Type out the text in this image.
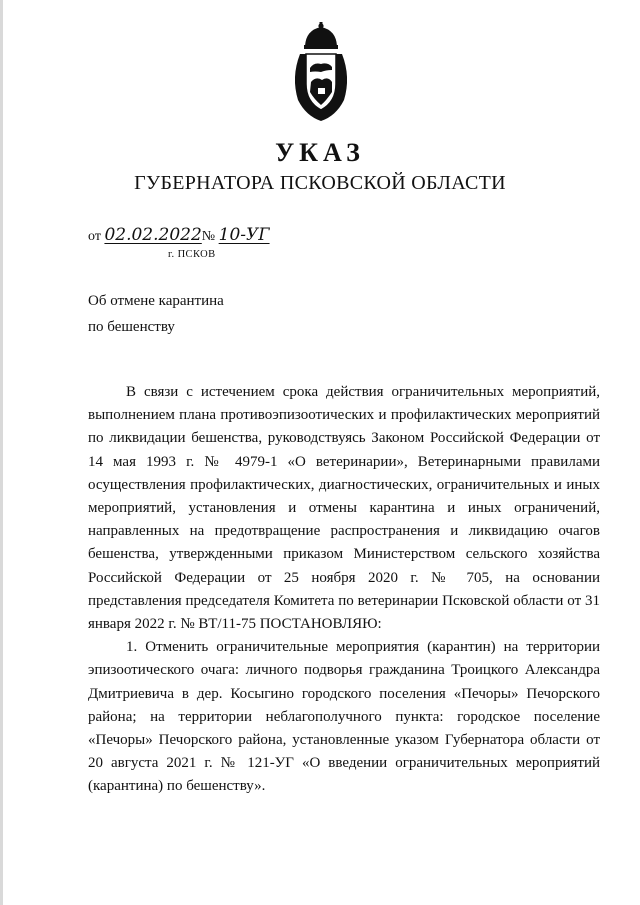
УКАЗ
ГУБЕРНАТОРА ПСКОВСКОЙ ОБЛАСТИ
от 02.02.2022№ 10-УГ
г. ПСКОВ
Об отмене карантина
по бешенству

В связи с истечением срока действия ограничительных мероприятий, выполнением плана противоэпизоотических и профилактических мероприятий по ликвидации бешенства, руководствуясь Законом Российской Федерации от 14 мая 1993 г. № 4979-1 «О ветеринарии», Ветеринарными правилами осуществления профилактических, диагностических, ограничительных и иных мероприятий, установления и отмены карантина и иных ограничений, направленных на предотвращение распространения и ликвидацию очагов бешенства, утвержденными приказом Министерством сельского хозяйства Российской Федерации от 25 ноября 2020 г. № 705, на основании представления председателя Комитета по ветеринарии Псковской области от 31 января 2022 г. № ВТ/11-75 ПОСТАНОВЛЯЮ:

1. Отменить ограничительные мероприятия (карантин) на территории эпизоотического очага: личного подворья гражданина Троицкого Александра Дмитриевича в дер. Косыгино городского поселения «Печоры» Печорского района; на территории неблагополучного пункта: городское поселение «Печоры» Печорского района, установленные указом Губернатора области от 20 августа 2021 г. № 121-УГ «О введении ограничительных мероприятий (карантина) по бешенству».
